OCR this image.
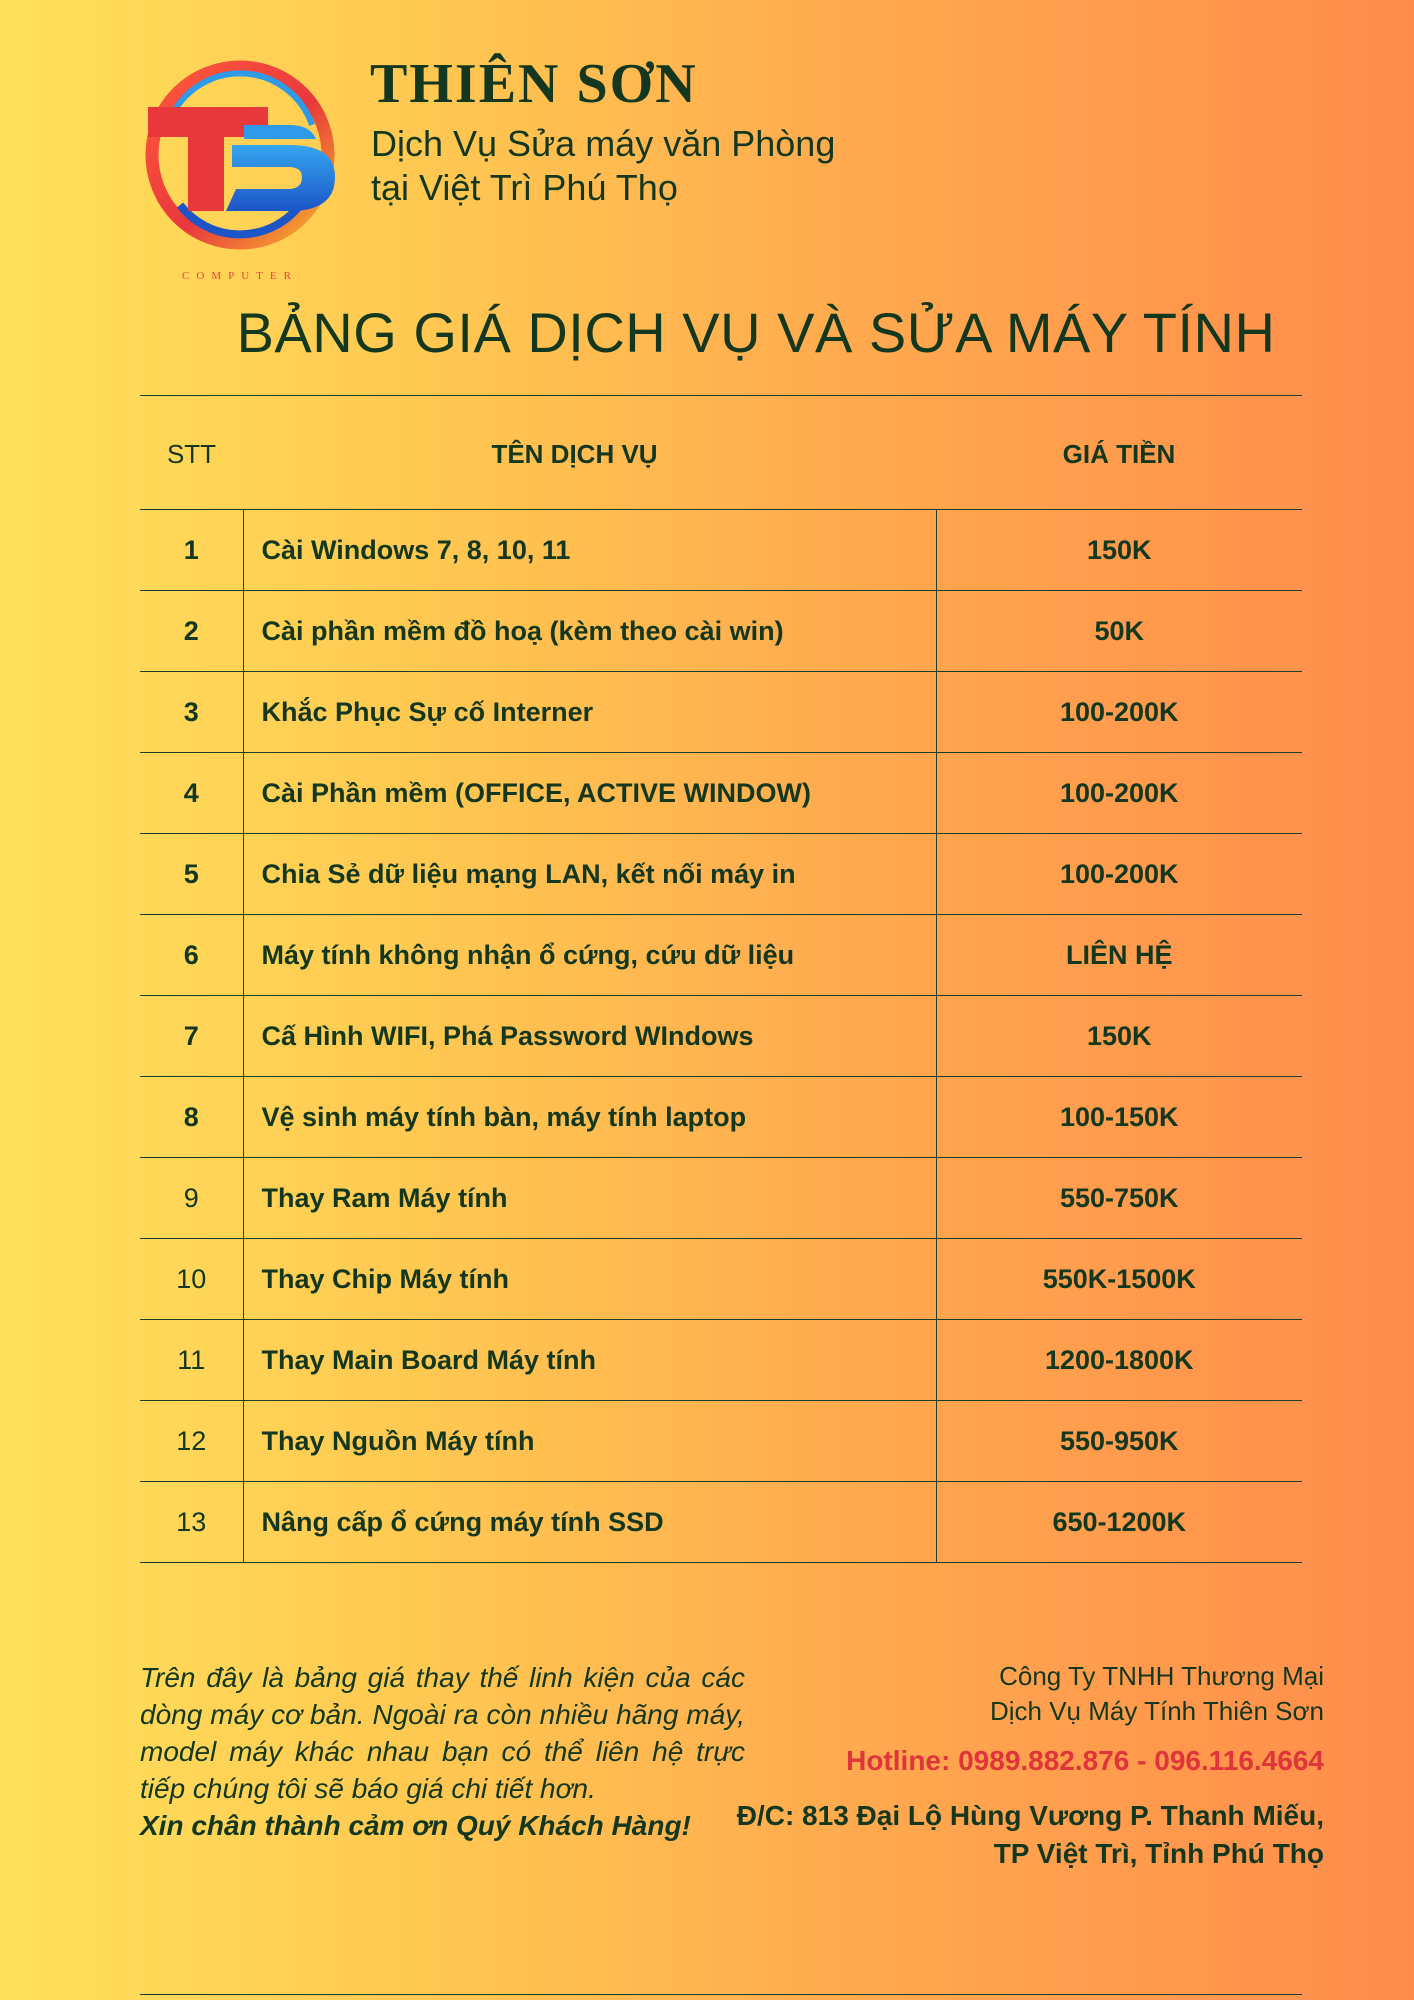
COMPUTER
THIÊN SƠN
Dịch Vụ Sửa máy văn Phòng
tại Việt Trì Phú Thọ
BẢNG GIÁ DỊCH VỤ VÀ SỬA MÁY TÍNH
STT	TÊN DỊCH VỤ	GIÁ TIỀN
1	Cài Windows 7, 8, 10, 11	150K
2	Cài phần mềm đồ hoạ (kèm theo cài win)	50K
3	Khắc Phục Sự cố Interner	100-200K
4	Cài Phần mềm (OFFICE, ACTIVE WINDOW)	100-200K
5	Chia Sẻ dữ liệu mạng LAN, kết nối máy in	100-200K
6	Máy tính không nhận ổ cứng, cứu dữ liệu	LIÊN HỆ
7	Cấ Hình WIFI, Phá Password WIndows	150K
8	Vệ sinh máy tính bàn, máy tính laptop	100-150K
9	Thay Ram Máy tính	550-750K
10	Thay Chip Máy tính	550K-1500K
11	Thay Main Board Máy tính	1200-1800K
12	Thay Nguồn Máy tính	550-950K
13	Nâng cấp ổ cứng máy tính SSD	650-1200K
Trên đây là bảng giá thay thế linh kiện của các dòng máy cơ bản. Ngoài ra còn nhiều hãng máy, model máy khác nhau bạn có thể liên hệ trực tiếp chúng tôi sẽ báo giá chi tiết hơn.
Xin chân thành cảm ơn Quý Khách Hàng!
Công Ty TNHH Thương Mại
Dịch Vụ Máy Tính Thiên Sơn
Hotline: 0989.882.876 - 096.116.4664
Đ/C: 813 Đại Lộ Hùng Vương P. Thanh Miếu,
TP Việt Trì, Tỉnh Phú Thọ
